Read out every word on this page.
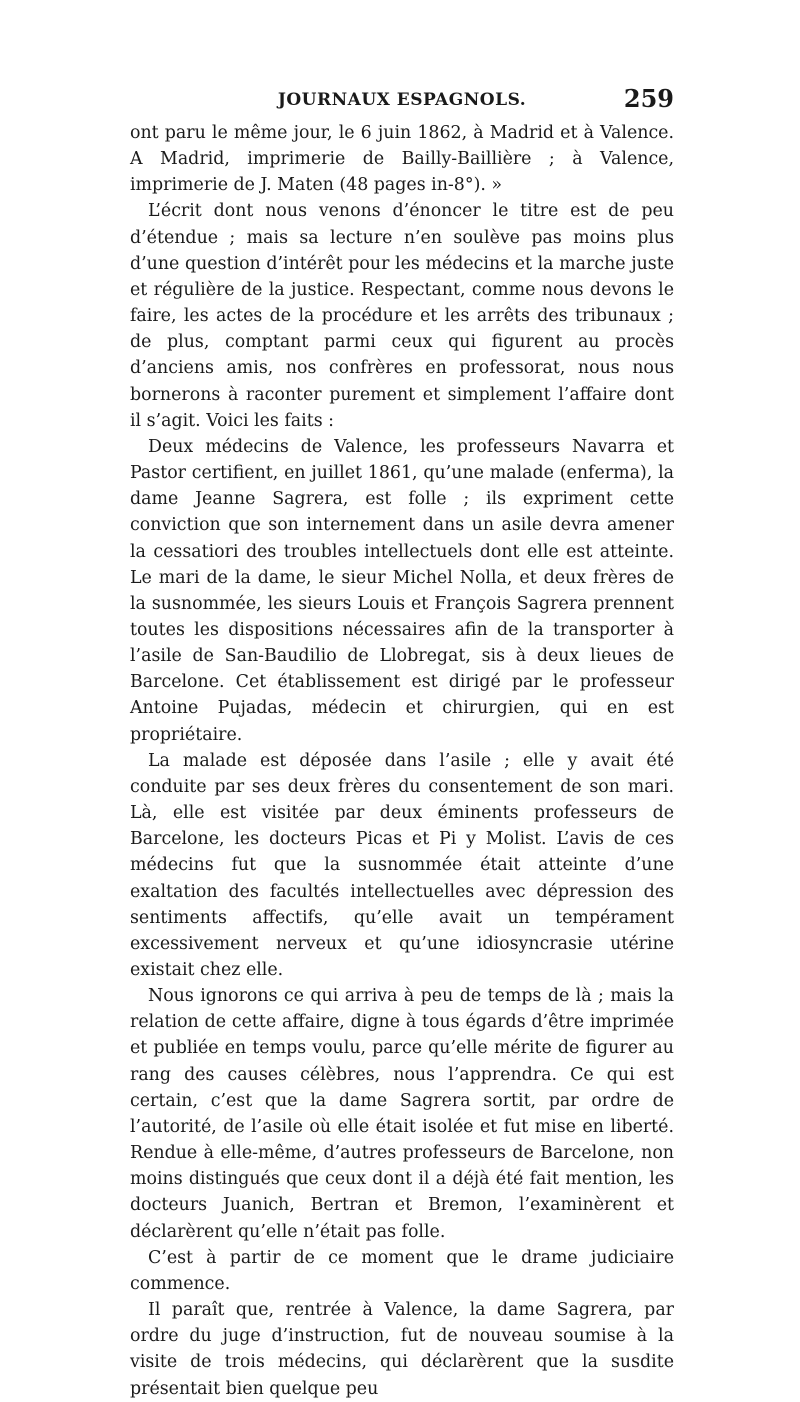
JOURNAUX ESPAGNOLS.	259

ont paru le même jour, le 6 juin 1862, à Madrid et à Valence. A Madrid, imprimerie de Bailly-Baillière ; à Valence, imprimerie de J. Maten (48 pages in-8°). »

L’écrit dont nous venons d’énoncer le titre est de peu d’étendue ; mais sa lecture n’en soulève pas moins plus d’une question d’intérêt pour les médecins et la marche juste et régulière de la justice. Respectant, comme nous devons le faire, les actes de la procédure et les arrêts des tribunaux ; de plus, comptant parmi ceux qui figurent au procès d’anciens amis, nos confrères en professorat, nous nous bornerons à raconter purement et simplement l’affaire dont il s’agit. Voici les faits :

Deux médecins de Valence, les professeurs Navarra et Pastor certifient, en juillet 1861, qu’une malade (enferma), la dame Jeanne Sagrera, est folle ; ils expriment cette conviction que son internement dans un asile devra amener la cessatiori des troubles intellectuels dont elle est atteinte. Le mari de la dame, le sieur Michel Nolla, et deux frères de la susnommée, les sieurs Louis et François Sagrera prennent toutes les dispositions nécessaires afin de la transporter à l’asile de San-Baudilio de Llobregat, sis à deux lieues de Barcelone. Cet établissement est dirigé par le professeur Antoine Pujadas, médecin et chirurgien, qui en est propriétaire.

La malade est déposée dans l’asile ; elle y avait été conduite par ses deux frères du consentement de son mari. Là, elle est visitée par deux éminents professeurs de Barcelone, les docteurs Picas et Pi y Molist. L’avis de ces médecins fut que la susnommée était atteinte d’une exaltation des facultés intellectuelles avec dépression des sentiments affectifs, qu’elle avait un tempérament excessivement nerveux et qu’une idiosyncrasie utérine existait chez elle.

Nous ignorons ce qui arriva à peu de temps de là ; mais la relation de cette affaire, digne à tous égards d’être imprimée et publiée en temps voulu, parce qu’elle mérite de figurer au rang des causes célèbres, nous l’apprendra. Ce qui est certain, c’est que la dame Sagrera sortit, par ordre de l’autorité, de l’asile où elle était isolée et fut mise en liberté. Rendue à elle-même, d’autres professeurs de Barcelone, non moins distingués que ceux dont il a déjà été fait mention, les docteurs Juanich, Bertran et Bremon, l’examinèrent et déclarèrent qu’elle n’était pas folle.

C’est à partir de ce moment que le drame judiciaire commence.

Il paraît que, rentrée à Valence, la dame Sagrera, par ordre du juge d’instruction, fut de nouveau soumise à la visite de trois médecins, qui déclarèrent que la susdite présentait bien quelque peu
